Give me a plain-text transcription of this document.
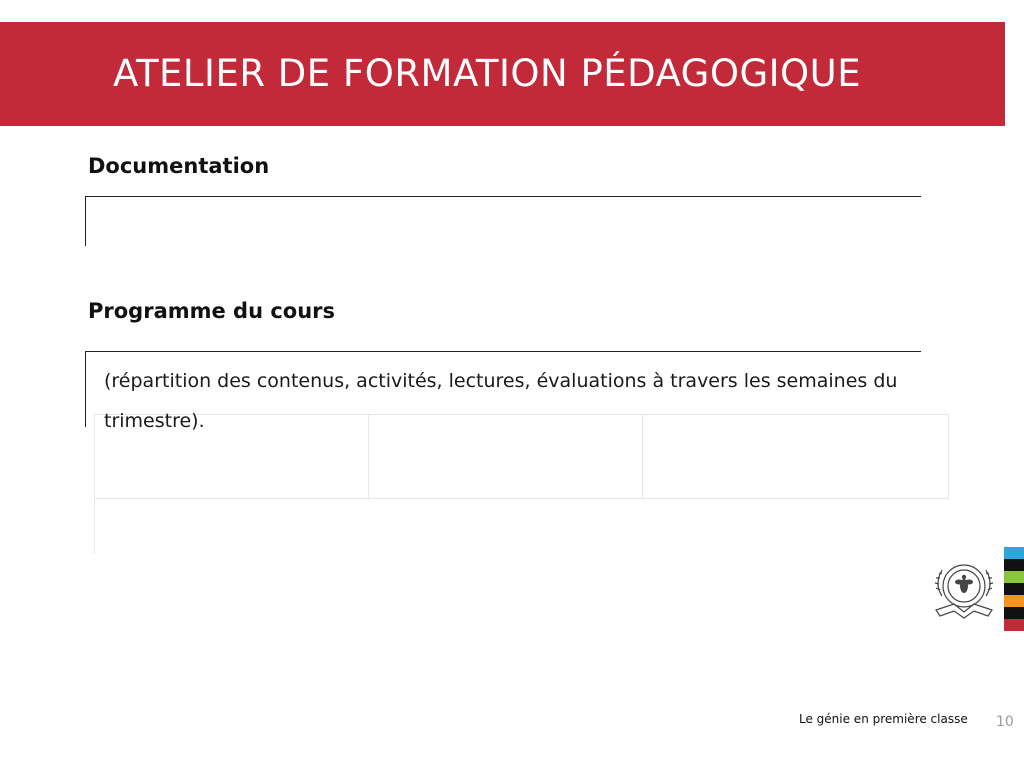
ATELIER DE FORMATION PÉDAGOGIQUE
Documentation
Programme du cours
(répartition des contenus, activités, lectures, évaluations à travers les semaines du trimestre).
Le génie en première classe 10
